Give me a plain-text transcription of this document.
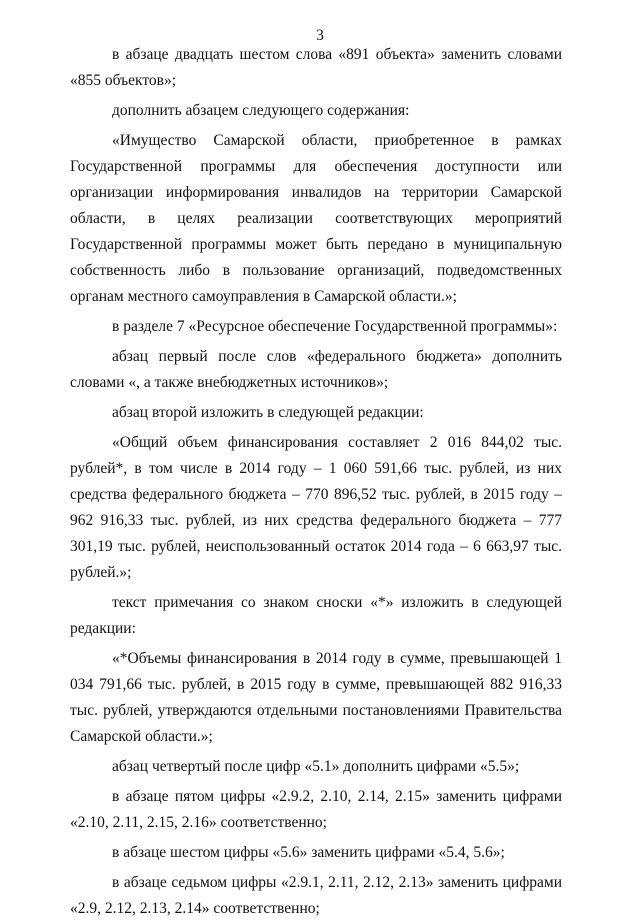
3

в абзаце двадцать шестом слова «891 объекта» заменить словами «855 объектов»;

дополнить абзацем следующего содержания:

«Имущество Самарской области, приобретенное в рамках Государственной программы для обеспечения доступности или организации информирования инвалидов на территории Самарской области, в целях реализации соответствующих мероприятий Государственной программы может быть передано в муниципальную собственность либо в пользование организаций, подведомственных органам местного самоуправления в Самарской области.»;

в разделе 7 «Ресурсное обеспечение Государственной программы»:

абзац первый после слов «федерального бюджета» дополнить словами «, а также внебюджетных источников»;

абзац второй изложить в следующей редакции:

«Общий объем финансирования составляет 2 016 844,02 тыс. рублей*, в том числе в 2014 году – 1 060 591,66 тыс. рублей, из них средства федерального бюджета – 770 896,52 тыс. рублей, в 2015 году – 962 916,33 тыс. рублей, из них средства федерального бюджета – 777 301,19 тыс. рублей, неиспользованный остаток 2014 года – 6 663,97 тыс. рублей.»;

текст примечания со знаком сноски «*» изложить в следующей редакции:

«*Объемы финансирования в 2014 году в сумме, превышающей 1 034 791,66 тыс. рублей, в 2015 году в сумме, превышающей 882 916,33 тыс. рублей, утверждаются отдельными постановлениями Правительства Самарской области.»;

абзац четвертый после цифр «5.1» дополнить цифрами «5.5»;

в абзаце пятом цифры «2.9.2, 2.10, 2.14, 2.15» заменить цифрами «2.10, 2.11, 2.15, 2.16» соответственно;

в абзаце шестом цифры «5.6» заменить цифрами «5.4, 5.6»;

в абзаце седьмом цифры «2.9.1, 2.11, 2.12, 2.13» заменить цифрами «2.9, 2.12, 2.13, 2.14» соответственно;
